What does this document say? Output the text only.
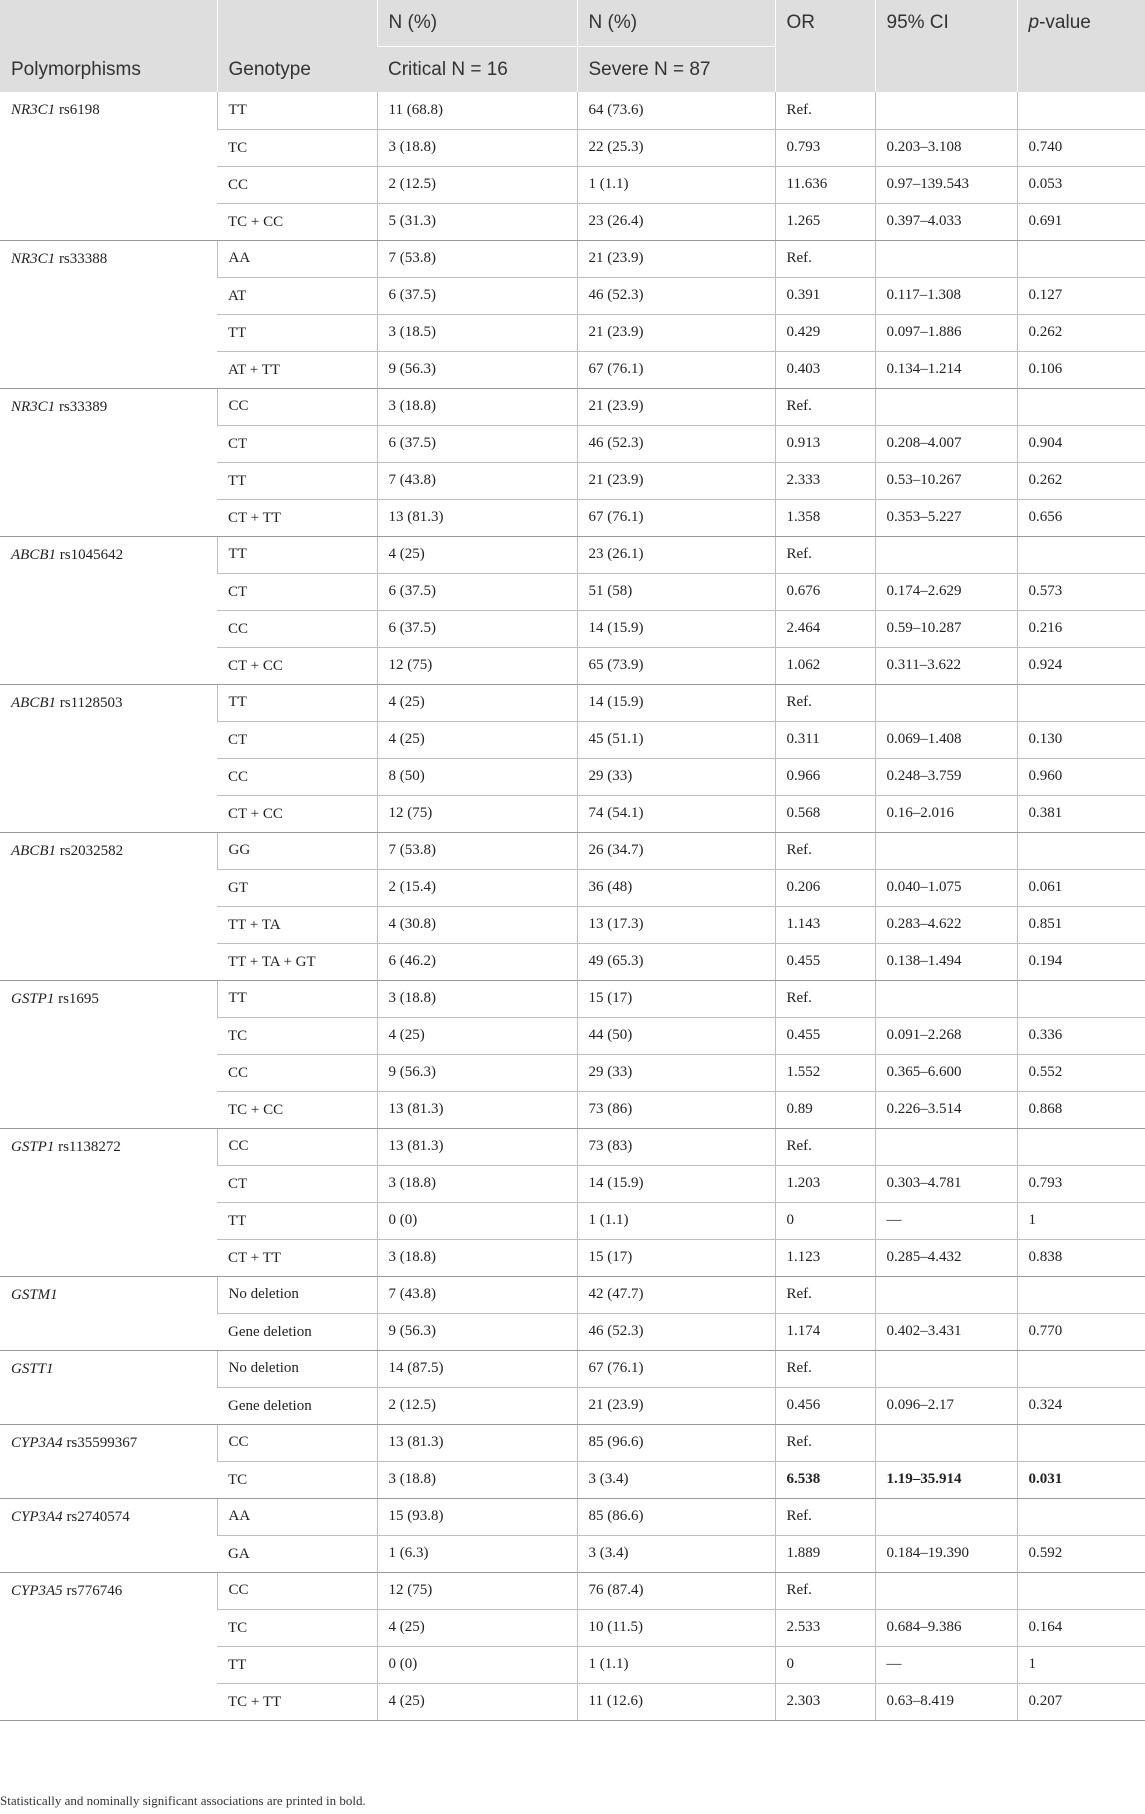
Polymorphisms	Genotype	N (%)	N (%)	OR	95% CI	p-value
		Critical N = 16	Severe N = 87			
NR3C1 rs6198	TT	11 (68.8)	64 (73.6)	Ref.		
	TC	3 (18.8)	22 (25.3)	0.793	0.203–3.108	0.740
	CC	2 (12.5)	1 (1.1)	11.636	0.97–139.543	0.053
	TC + CC	5 (31.3)	23 (26.4)	1.265	0.397–4.033	0.691
NR3C1 rs33388	AA	7 (53.8)	21 (23.9)	Ref.		
	AT	6 (37.5)	46 (52.3)	0.391	0.117–1.308	0.127
	TT	3 (18.5)	21 (23.9)	0.429	0.097–1.886	0.262
	AT + TT	9 (56.3)	67 (76.1)	0.403	0.134–1.214	0.106
NR3C1 rs33389	CC	3 (18.8)	21 (23.9)	Ref.		
	CT	6 (37.5)	46 (52.3)	0.913	0.208–4.007	0.904
	TT	7 (43.8)	21 (23.9)	2.333	0.53–10.267	0.262
	CT + TT	13 (81.3)	67 (76.1)	1.358	0.353–5.227	0.656
ABCB1 rs1045642	TT	4 (25)	23 (26.1)	Ref.		
	CT	6 (37.5)	51 (58)	0.676	0.174–2.629	0.573
	CC	6 (37.5)	14 (15.9)	2.464	0.59–10.287	0.216
	CT + CC	12 (75)	65 (73.9)	1.062	0.311–3.622	0.924
ABCB1 rs1128503	TT	4 (25)	14 (15.9)	Ref.		
	CT	4 (25)	45 (51.1)	0.311	0.069–1.408	0.130
	CC	8 (50)	29 (33)	0.966	0.248–3.759	0.960
	CT + CC	12 (75)	74 (54.1)	0.568	0.16–2.016	0.381
ABCB1 rs2032582	GG	7 (53.8)	26 (34.7)	Ref.		
	GT	2 (15.4)	36 (48)	0.206	0.040–1.075	0.061
	TT + TA	4 (30.8)	13 (17.3)	1.143	0.283–4.622	0.851
	TT + TA + GT	6 (46.2)	49 (65.3)	0.455	0.138–1.494	0.194
GSTP1 rs1695	TT	3 (18.8)	15 (17)	Ref.		
	TC	4 (25)	44 (50)	0.455	0.091–2.268	0.336
	CC	9 (56.3)	29 (33)	1.552	0.365–6.600	0.552
	TC + CC	13 (81.3)	73 (86)	0.89	0.226–3.514	0.868
GSTP1 rs1138272	CC	13 (81.3)	73 (83)	Ref.		
	CT	3 (18.8)	14 (15.9)	1.203	0.303–4.781	0.793
	TT	0 (0)	1 (1.1)	0	—	1
	CT + TT	3 (18.8)	15 (17)	1.123	0.285–4.432	0.838
GSTM1	No deletion	7 (43.8)	42 (47.7)	Ref.		
	Gene deletion	9 (56.3)	46 (52.3)	1.174	0.402–3.431	0.770
GSTT1	No deletion	14 (87.5)	67 (76.1)	Ref.		
	Gene deletion	2 (12.5)	21 (23.9)	0.456	0.096–2.17	0.324
CYP3A4 rs35599367	CC	13 (81.3)	85 (96.6)	Ref.		
	TC	3 (18.8)	3 (3.4)	6.538	1.19–35.914	0.031
CYP3A4 rs2740574	AA	15 (93.8)	85 (86.6)	Ref.		
	GA	1 (6.3)	3 (3.4)	1.889	0.184–19.390	0.592
CYP3A5 rs776746	CC	12 (75)	76 (87.4)	Ref.		
	TC	4 (25)	10 (11.5)	2.533	0.684–9.386	0.164
	TT	0 (0)	1 (1.1)	0	—	1
	TC + TT	4 (25)	11 (12.6)	2.303	0.63–8.419	0.207
Statistically and nominally significant associations are printed in bold.
